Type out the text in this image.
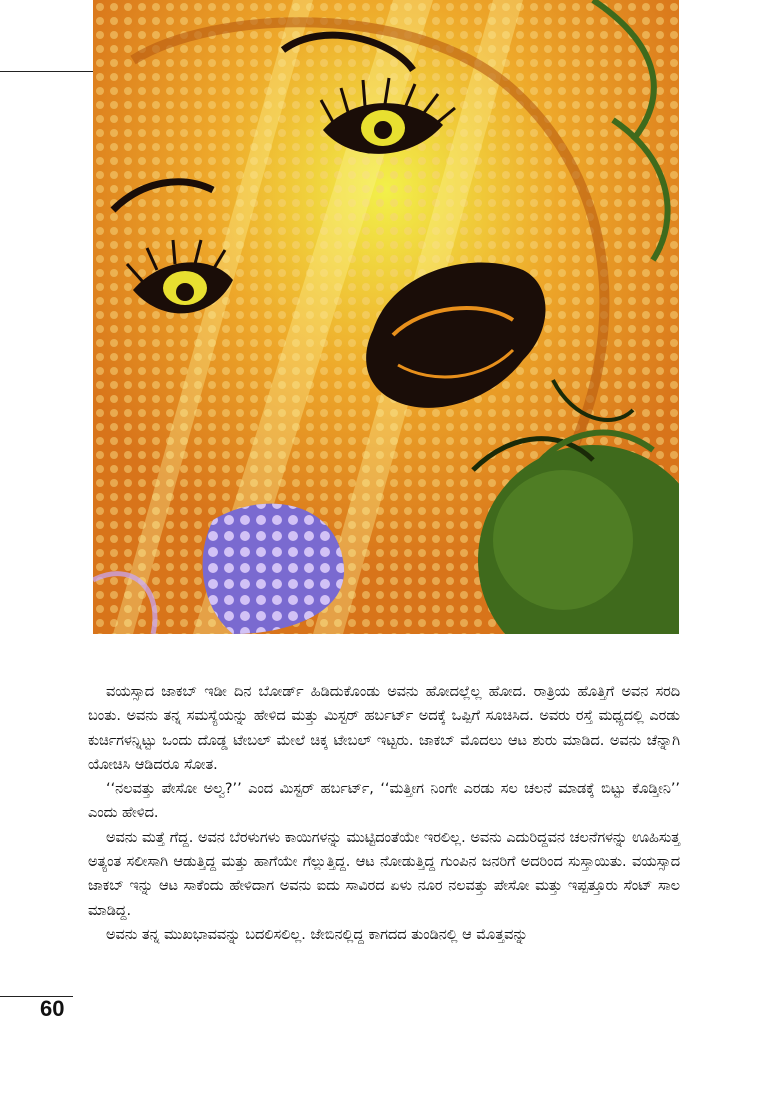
ವಯಸ್ಸಾದ ಜಾಕಬ್ ಇಡೀ ದಿನ ಬೋರ್ಡ್ ಹಿಡಿದುಕೊಂಡು ಅವನು ಹೋದಲ್ಲೆಲ್ಲ ಹೋದ. ರಾತ್ರಿಯ ಹೊತ್ತಿಗೆ ಅವನ ಸರದಿ ಬಂತು. ಅವನು ತನ್ನ ಸಮಸ್ಯೆಯನ್ನು ಹೇಳಿದ ಮತ್ತು ಮಿಸ್ಟರ್ ಹರ್ಬರ್ಟ್ ಅದಕ್ಕೆ ಒಪ್ಪಿಗೆ ಸೂಚಿಸಿದ. ಅವರು ರಸ್ತೆ ಮಧ್ಯದಲ್ಲಿ ಎರಡು ಕುರ್ಚಿಗಳನ್ನಿಟ್ಟು ಒಂದು ದೊಡ್ಡ ಟೇಬಲ್ ಮೇಲೆ ಚಿಕ್ಕ ಟೇಬಲ್ ಇಟ್ಟರು. ಜಾಕಬ್ ಮೊದಲು ಆಟ ಶುರು ಮಾಡಿದ. ಅವನು ಚೆನ್ನಾಗಿ ಯೋಚಿಸಿ ಆಡಿದರೂ ಸೋತ.

‘‘ನಲವತ್ತು ಪೇಸೋ ಅಲ್ವ?’’ ಎಂದ ಮಿಸ್ಟರ್ ಹರ್ಬರ್ಟ್, ‘‘ಮತ್ತೀಗ ನಿಂಗೇ ಎರಡು ಸಲ ಚಲನೆ ಮಾಡಕ್ಕೆ ಬಿಟ್ಟು ಕೊಡ್ತೀನಿ’’ ಎಂದು ಹೇಳಿದ.

ಅವನು ಮತ್ತೆ ಗೆದ್ದ. ಅವನ ಬೆರಳುಗಳು ಕಾಯಿಗಳನ್ನು ಮುಟ್ಟಿದಂತೆಯೇ ಇರಲಿಲ್ಲ. ಅವನು ಎದುರಿದ್ದವನ ಚಲನೆಗಳನ್ನು ಊಹಿಸುತ್ತ ಅತ್ಯಂತ ಸಲೀಸಾಗಿ ಆಡುತ್ತಿದ್ದ ಮತ್ತು ಹಾಗೆಯೇ ಗೆಲ್ಲುತ್ತಿದ್ದ. ಆಟ ನೋಡುತ್ತಿದ್ದ ಗುಂಪಿನ ಜನರಿಗೆ ಅದರಿಂದ ಸುಸ್ತಾಯಿತು. ವಯಸ್ಸಾದ ಜಾಕಬ್ ಇನ್ನು ಆಟ ಸಾಕೆಂದು ಹೇಳಿದಾಗ ಅವನು ಐದು ಸಾವಿರದ ಏಳು ನೂರ ನಲವತ್ತು ಪೇಸೋ ಮತ್ತು ಇಪ್ಪತ್ತೂರು ಸೆಂಟ್ ಸಾಲ ಮಾಡಿದ್ದ.

ಅವನು ತನ್ನ ಮುಖಭಾವವನ್ನು ಬದಲಿಸಲಿಲ್ಲ. ಜೇಬಿನಲ್ಲಿದ್ದ ಕಾಗದದ ತುಂಡಿನಲ್ಲಿ ಆ ಮೊತ್ತವನ್ನು

60
